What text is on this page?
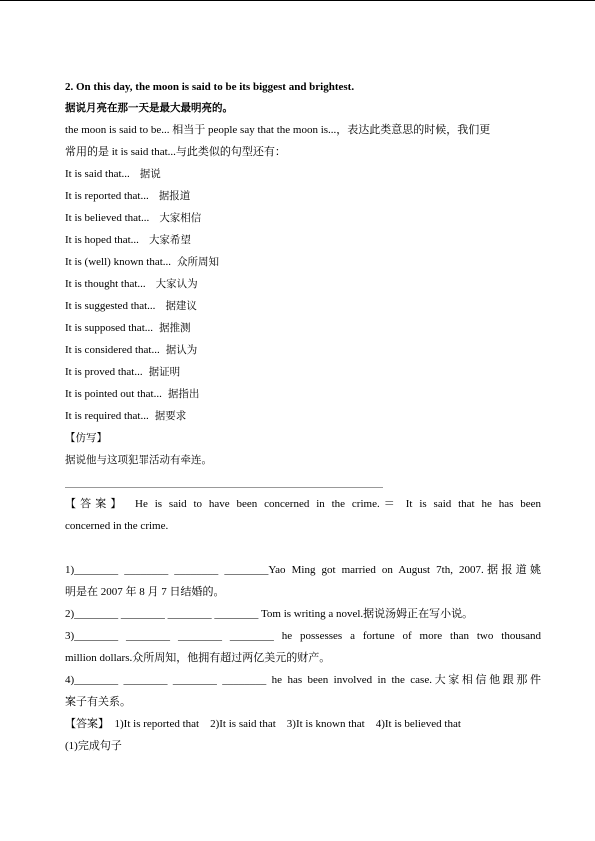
2. On this day, the moon is said to be its biggest and brightest.
据说月亮在那一天是最大最明亮的。
the moon is said to be... 相当于 people say that the moon is...，表达此类意思的时候，我们更
常用的是 it is said that...与此类似的句型还有：
It is said that... 据说
It is reported that... 据报道
It is believed that... 大家相信
It is hoped that... 大家希望
It is (well) known that... 众所周知
It is thought that... 大家认为
It is suggested that... 据建议
It is supposed that... 据推测
It is considered that... 据认为
It is proved that... 据证明
It is pointed out that... 据指出
It is required that... 据要求
【仿写】
据说他与这项犯罪活动有牵连。
【答案】　He is said to have been concerned in the crime.＝ It is said that he has been
concerned in the crime.
1)________ ________ ________ ________Yao Ming got married on August 7th, 2007.据报道姚
明是在 2007 年 8 月 7 日结婚的。
2)________ ________ ________ ________ Tom is writing a novel.据说汤姆正在写小说。
3)________ ________ ________ ________ he possesses a fortune of more than two thousand
million dollars.众所周知，他拥有超过两亿美元的财产。
4)________ ________ ________ ________ he has been involved in the case.大家相信他跟那件
案子有关系。
【答案】　1)It is reported that　2)It is said that　3)It is known that　4)It is believed that
(1)完成句子
